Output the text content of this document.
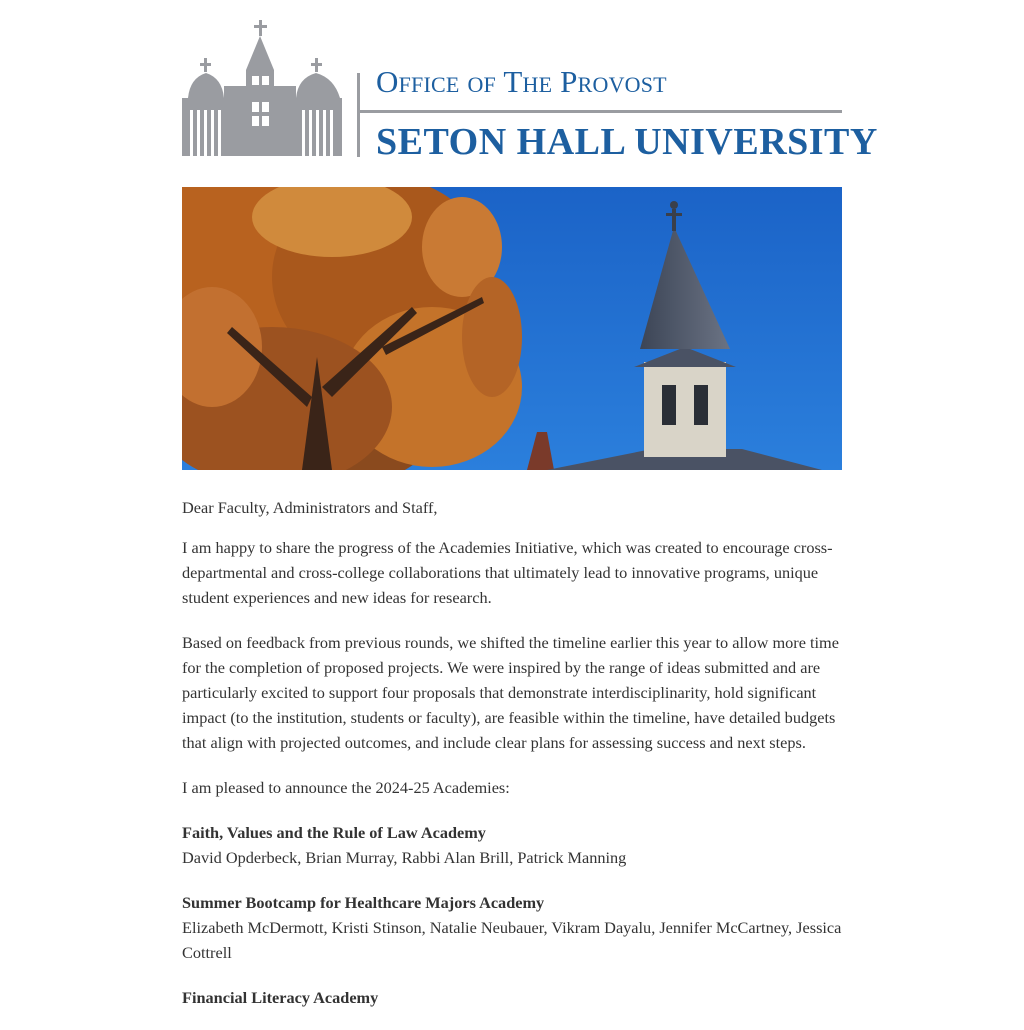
Office of The Provost
SETON HALL UNIVERSITY

Dear Faculty, Administrators and Staff,

I am happy to share the progress of the Academies Initiative, which was created to encourage cross-departmental and cross-college collaborations that ultimately lead to innovative programs, unique student experiences and new ideas for research.

Based on feedback from previous rounds, we shifted the timeline earlier this year to allow more time for the completion of proposed projects. We were inspired by the range of ideas submitted and are particularly excited to support four proposals that demonstrate interdisciplinarity, hold significant impact (to the institution, students or faculty), are feasible within the timeline, have detailed budgets that align with projected outcomes, and include clear plans for assessing success and next steps.

I am pleased to announce the 2024-25 Academies:

Faith, Values and the Rule of Law Academy
David Opderbeck, Brian Murray, Rabbi Alan Brill, Patrick Manning
Summer Bootcamp for Healthcare Majors Academy
Elizabeth McDermott, Kristi Stinson, Natalie Neubauer, Vikram Dayalu, Jennifer McCartney, Jessica Cottrell
Financial Literacy Academy
